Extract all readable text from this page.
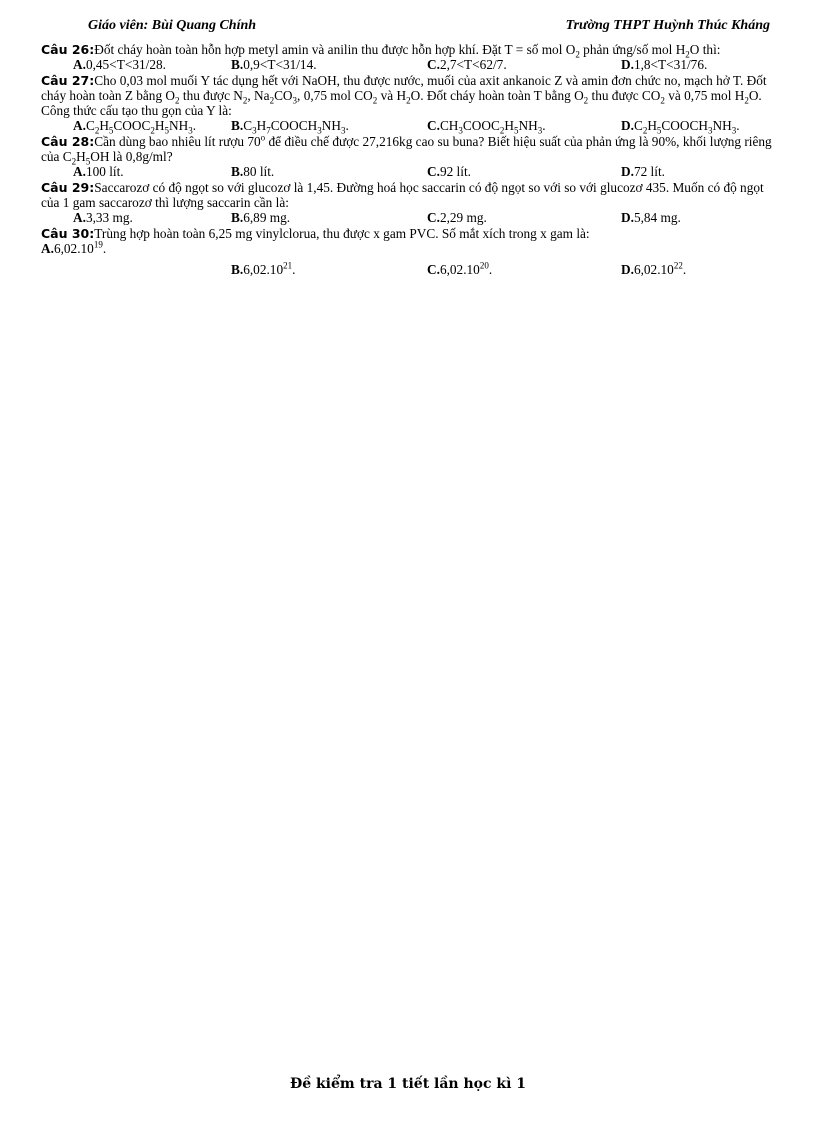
Giáo viên: Bùi Quang Chính	Trường THPT Huỳnh Thúc Kháng

Câu 26:Đốt cháy hoàn toàn hỗn hợp metyl amin và anilin thu được hỗn hợp khí. Đặt T = số mol $O_2$ phản ứng/số mol $H_2O$ thì:

A.0,45<T<31/28.	B.0,9<T<31/14.	C.2,7<T<62/7.	D.1,8<T<31/76.

Câu 27:Cho 0,03 mol muối Y tác dụng hết với NaOH, thu được nước, muối của axit ankanoic Z và amin đơn chức no, mạch hở T. Đốt cháy hoàn toàn Z bằng $O_2$ thu được $N_2$, $Na_2CO_3$, 0,75 mol $CO_2$ và $H_2O$. Đốt cháy hoàn toàn T bằng $O_2$ thu được $CO_2$ và 0,75 mol $H_2O$. Công thức cấu tạo thu gọn của Y là:

$A.C_2H_5COOC_2H_5NH_3$.	$B.C_3H_7COOCH_3NH_3$.	$C.CH_3COOC_2H_5NH_3$.	$D.C_2H_5COOCH_3NH_3$.

Câu 28:Cần dùng bao nhiêu lít rượu 70$^o$ để điều chế được 27,216kg cao su buna? Biết hiệu suất của phản ứng là 90%, khối lượng riêng của $C_2H_5OH$ là 0,8g/ml?

A.100 lít.	B.80 lít.	C.92 lít.	D.72 lít.

Câu 29:Saccarozơ có độ ngọt so với glucozơ là 1,45. Đường hoá học saccarin có độ ngọt so với so với glucozơ 435. Muốn có độ ngọt của 1 gam saccarozơ thì lượng saccarin cần là:

A.3,33 mg.	B.6,89 mg.	C.2,29 mg.	D.5,84 mg.

Câu 30:Trùng hợp hoàn toàn 6,25 mg vinylclorua, thu được x gam PVC. Số mắt xích trong x gam là:

A.6,02.10$^{19}$.
B.6,02.10$^{21}$.	C.6,02.10$^{20}$.	D.6,02.10$^{22}$.
Đề kiểm tra 1 tiết lần học kì 1
